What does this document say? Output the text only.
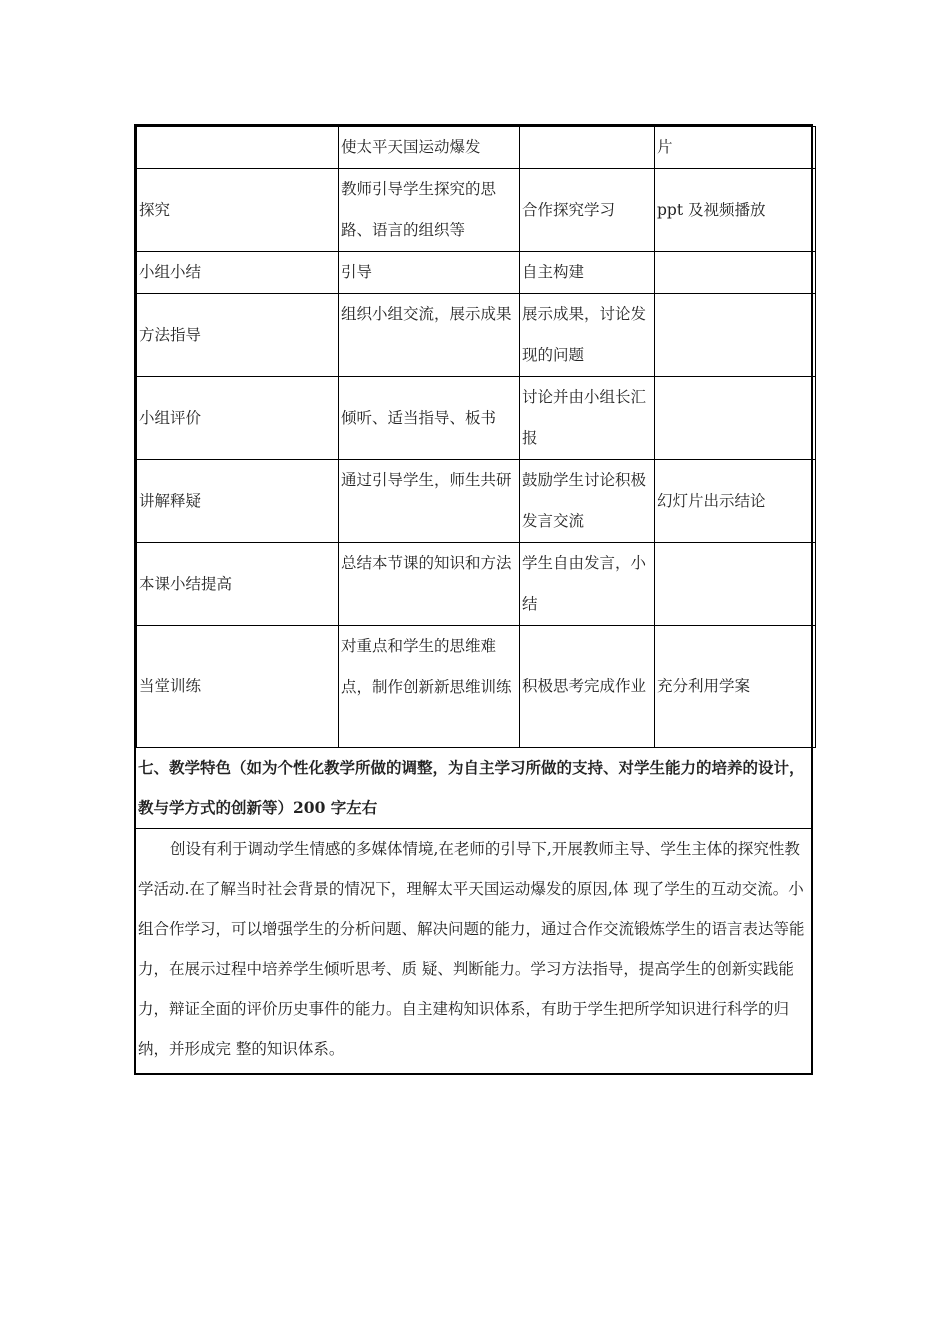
	使太平天国运动爆发		片
探究	教师引导学生探究的思路、语言的组织等	合作探究学习	ppt 及视频播放
小组小结	引导	自主构建	
方法指导	组织小组交流，展示成果	展示成果，讨论发现的问题	
小组评价	倾听、适当指导、板书	讨论并由小组长汇报	
讲解释疑	通过引导学生，师生共研	鼓励学生讨论积极发言交流	幻灯片出示结论
本课小结提高	总结本节课的知识和方法	学生自由发言，小结	
当堂训练	对重点和学生的思维难点，制作创新新思维训练	积极思考完成作业	充分利用学案
七、教学特色（如为个性化教学所做的调整，为自主学习所做的支持、对学生能力的培养的设计，教与学方式的创新等）200 字左右
创设有利于调动学生情感的多媒体情境,在老师的引导下,开展教师主导、学生主体的探究性教学活动.在了解当时社会背景的情况下，理解太平天国运动爆发的原因,体 现了学生的互动交流。小组合作学习，可以增强学生的分析问题、解决问题的能力，通过合作交流锻炼学生的语言表达等能力，在展示过程中培养学生倾听思考、质 疑、判断能力。学习方法指导，提高学生的创新实践能力，辩证全面的评价历史事件的能力。自主建构知识体系，有助于学生把所学知识进行科学的归纳，并形成完 整的知识体系。
